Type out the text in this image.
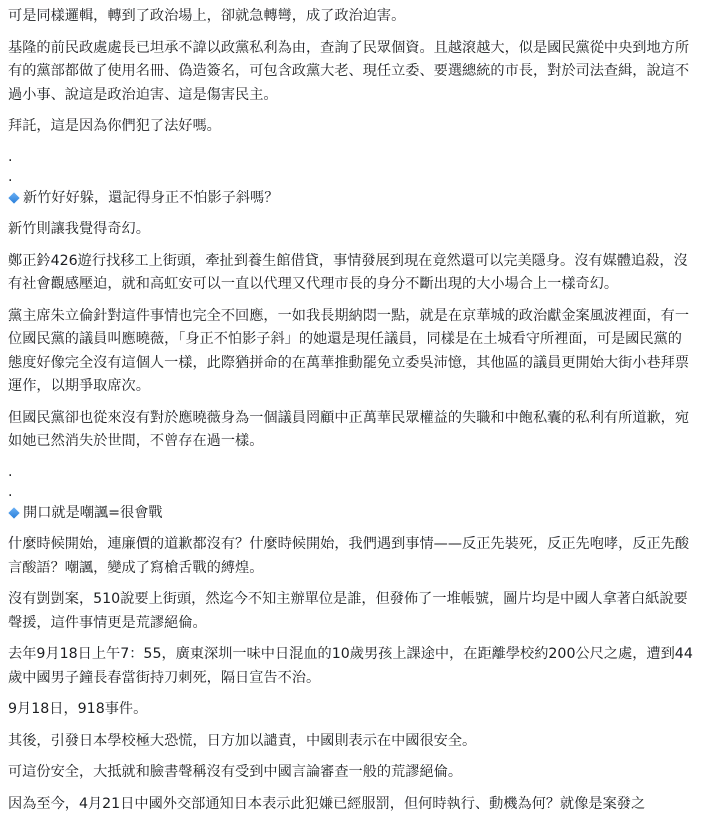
可是同樣邏輯，轉到了政治場上，卻就急轉彎，成了政治迫害。

基隆的前民政處處長已坦承不諱以政黨私利為由，查詢了民眾個資。且越滾越大，似是國民黨從中央到地方所有的黨部都做了使用名冊、偽造簽名，可包含政黨大老、現任立委、要選總統的市長，對於司法查緝，說這不過小事、說這是政治迫害、這是傷害民主。

拜託，這是因為你們犯了法好嗎。

.

.

新竹好好躲，還記得身正不怕影子斜嗎？

新竹則讓我覺得奇幻。

鄭正鈐426遊行找移工上街頭，牽扯到養生館借貸，事情發展到現在竟然還可以完美隱身。沒有媒體追殺，沒有社會觀感壓迫，就和高虹安可以一直以代理又代理市長的身分不斷出現的大小場合上一樣奇幻。

黨主席朱立倫針對這件事情也完全不回應，一如我長期納悶一點，就是在京華城的政治獻金案風波裡面，有一位國民黨的議員叫應曉薇，「身正不怕影子斜」的她還是現任議員，同樣是在土城看守所裡面，可是國民黨的態度好像完全沒有這個人一樣，此際猶拼命的在萬華推動罷免立委吳沛憶，其他區的議員更開始大街小巷拜票運作，以期爭取席次。

但國民黨卻也從來沒有對於應曉薇身為一個議員罔顧中正萬華民眾權益的失職和中飽私囊的私利有所道歉，宛如她已然消失於世間，不曾存在過一樣。

.

.

開口就是嘲諷=很會戰

什麼時候開始，連廉價的道歉都沒有？什麼時候開始，我們遇到事情——反正先裝死，反正先咆哮，反正先酸言酸語？嘲諷，變成了寫槍舌戰的縛煌。

沒有剴剴案，510說要上街頭，然迄今不知主辦單位是誰，但發佈了一堆帳號，圖片均是中國人拿著白紙說要聲援，這件事情更是荒謬絕倫。

去年9月18日上午7：55，廣東深圳一味中日混血的10歲男孩上課途中，在距離學校約200公尺之處，遭到44歲中國男子鐘長春當街持刀刺死，隔日宣告不治。

9月18日，918事件。

其後，引發日本學校極大恐慌，日方加以譴責，中國則表示在中國很安全。

可這份安全，大抵就和臉書聲稱沒有受到中國言論審查一般的荒謬絕倫。

因為至今，4月21日中國外交部通知日本表示此犯嫌已經服罰，但何時執行、動機為何？就像是案發之
